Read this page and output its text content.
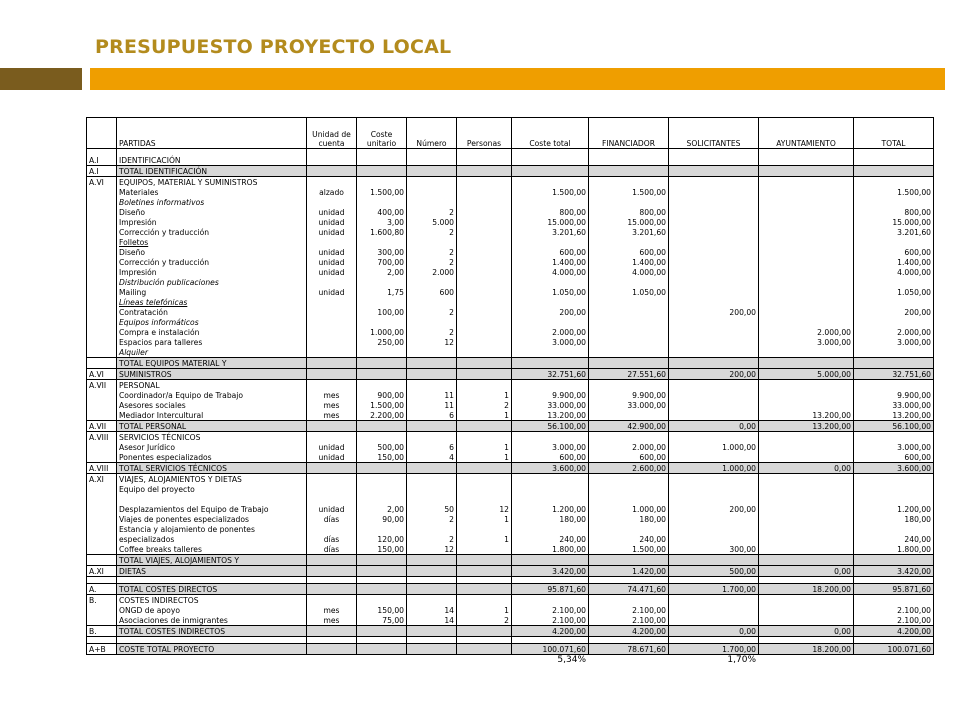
PRESUPUESTO PROYECTO LOCAL
	PARTIDAS	Unidad de cuenta	Coste unitario	Número	Personas	Coste total	FINANCIADOR	SOLICITANTES	AYUNTAMIENTO	TOTAL

A.I	IDENTIFICACIÓN									
A.I	TOTAL IDENTIFICACIÓN									
A.VI	EQUIPOS, MATERIAL Y SUMINISTROS									
	Materiales	alzado	1.500,00			1.500,00	1.500,00			1.500,00
	Boletines informativos									
	Diseño	unidad	400,00	2		800,00	800,00			800,00
	Impresión	unidad	3,00	5.000		15.000,00	15.000,00			15.000,00
	Corrección y traducción	unidad	1.600,80	2		3.201,60	3.201,60			3.201,60
	Folletos									
	Diseño	unidad	300,00	2		600,00	600,00			600,00
	Corrección y traducción	unidad	700,00	2		1.400,00	1.400,00			1.400,00
	Impresión	unidad	2,00	2.000		4.000,00	4.000,00			4.000,00
	Distribución publicaciones									
	Mailing	unidad	1,75	600		1.050,00	1.050,00			1.050,00
	Líneas telefónicas									
	Contratación		100,00	2		200,00		200,00		200,00
	Equipos informáticos									
	Compra e instalación		1.000,00	2		2.000,00			2.000,00	2.000,00
	Espacios para talleres		250,00	12		3.000,00			3.000,00	3.000,00
	Alquiler									
	TOTAL EQUIPOS MATERIAL Y									
A.VI	SUMINISTROS					32.751,60	27.551,60	200,00	5.000,00	32.751,60
A.VII	PERSONAL									
	Coordinador/a Equipo de Trabajo	mes	900,00	11	1	9.900,00	9.900,00			9.900,00
	Asesores sociales	mes	1.500,00	11	2	33.000,00	33.000,00			33.000,00
	Mediador Intercultural	mes	2.200,00	6	1	13.200,00			13.200,00	13.200,00
A.VII	TOTAL PERSONAL					56.100,00	42.900,00	0,00	13.200,00	56.100,00
A.VIII	SERVICIOS TÉCNICOS									
	Asesor Jurídico	unidad	500,00	6	1	3.000,00	2.000,00	1.000,00		3.000,00
	Ponentes especializados	unidad	150,00	4	1	600,00	600,00			600,00
A.VIII	TOTAL SERVICIOS TÉCNICOS					3.600,00	2.600,00	1.000,00	0,00	3.600,00
A.XI	VIAJES, ALOJAMIENTOS Y DIETAS									
	Equipo del proyecto									

	Desplazamientos del Equipo de Trabajo	unidad	2,00	50	12	1.200,00	1.000,00	200,00		1.200,00
	Viajes de ponentes especializados	días	90,00	2	1	180,00	180,00			180,00
	Estancia y alojamiento de ponentes									
	especializados	días	120,00	2	1	240,00	240,00			240,00
	Coffee breaks talleres	días	150,00	12		1.800,00	1.500,00	300,00		1.800,00
	TOTAL VIAJES, ALOJAMIENTOS Y									
A.XI	DIETAS					3.420,00	1.420,00	500,00	0,00	3.420,00

A.	TOTAL COSTES DIRECTOS					95.871,60	74.471,60	1.700,00	18.200,00	95.871,60
B.	COSTES INDIRECTOS									
	ONGD de apoyo	mes	150,00	14	1	2.100,00	2.100,00			2.100,00
	Asociaciones de inmigrantes	mes	75,00	14	2	2.100,00	2.100,00			2.100,00
B.	TOTAL COSTES INDIRECTOS					4.200,00	4.200,00	0,00	0,00	4.200,00

A+B	COSTE TOTAL PROYECTO					100.071,60	78.671,60	1.700,00	18.200,00	100.071,60
						5,34%		1,70%		
